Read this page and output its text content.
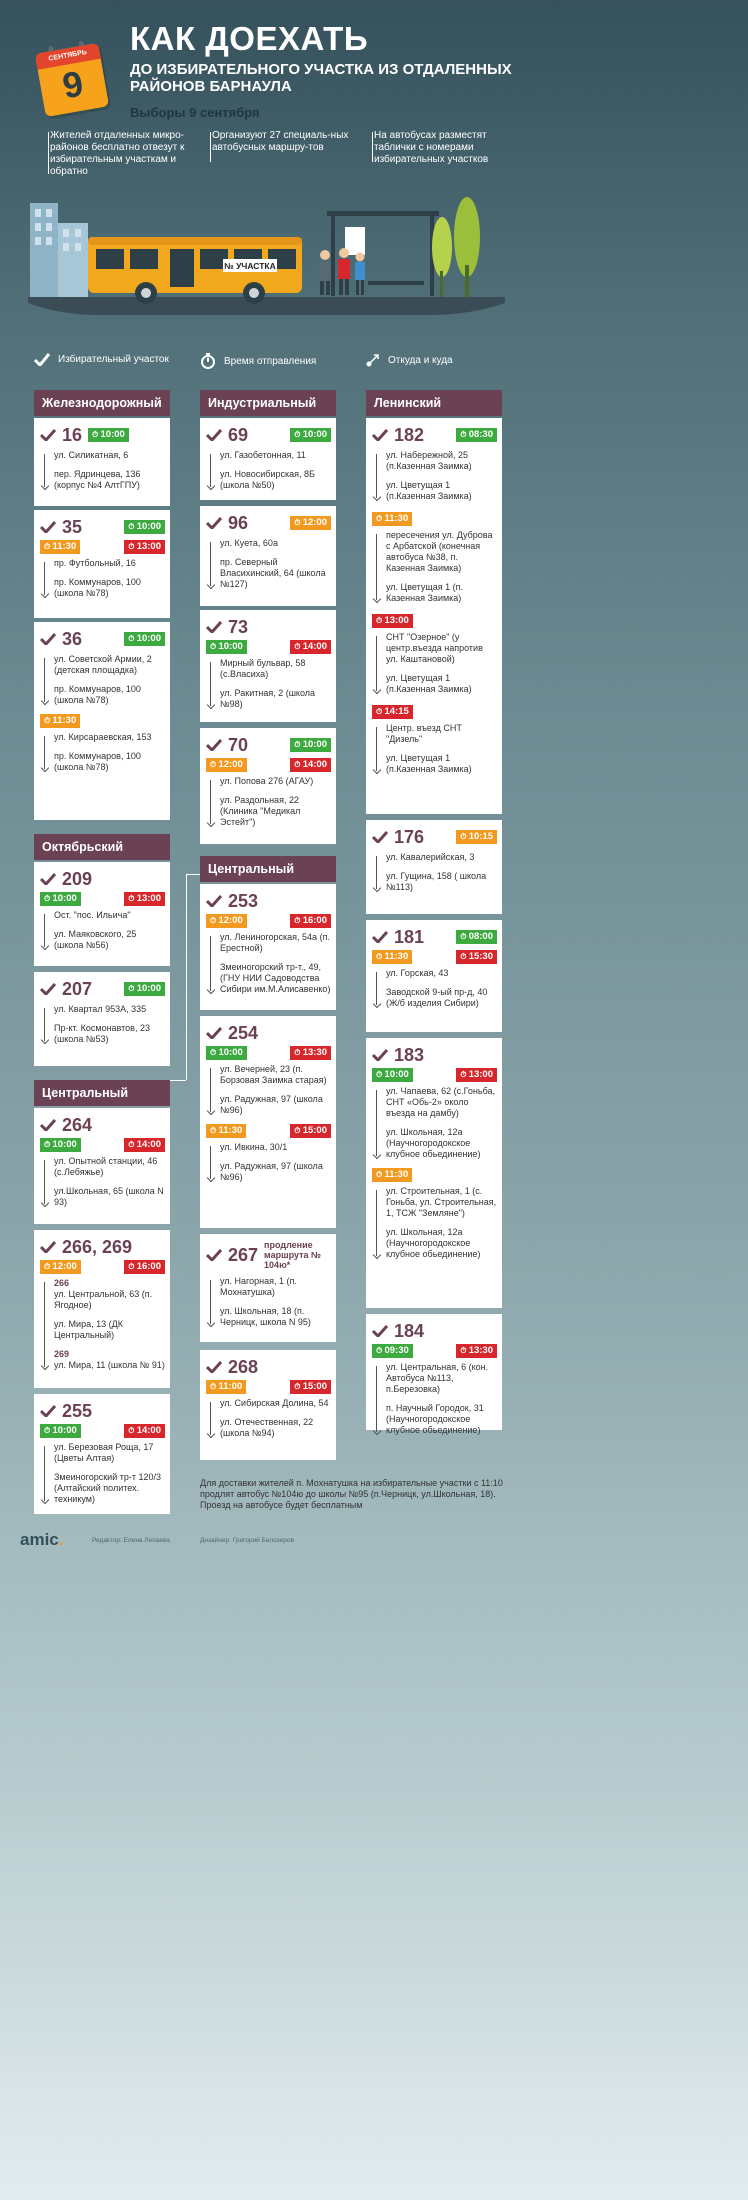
СЕНТЯБРЬ
9
КАК ДОЕХАТЬ
ДО ИЗБИРАТЕЛЬНОГО УЧАСТКА ИЗ ОТДАЛЕННЫХ РАЙОНОВ БАРНАУЛА
Выборы 9 сентября
Жителей отдаленных микро-районов бесплатно отвезут к избирательным участкам и обратно
Организуют 27 специаль-ных автобусных маршру-тов
На автобусах разместят таблички с номерами избирательных участков
№ УЧАСТКА
Избирательный участок	Время отправления	Откуда и куда
Железнодорожный
16	⏱ 10:00
ул. Силикатная, 6
пер. Ядринцева, 136 (корпус №4 АлтГПУ)
35	⏱ 10:00
⏱ 11:30	⏱ 13:00
пр. Футбольный, 16
пр. Коммунаров, 100 (школа №78)
36	⏱ 10:00
ул. Советской Армии, 2 (детская площадка)
пр. Коммунаров, 100 (школа №78)
⏱ 11:30
ул. Кирсараевская, 153
пр. Коммунаров, 100 (школа №78)
Октябрьский
209
⏱ 10:00	⏱ 13:00
Ост. "пос. Ильича"
ул. Маяковского, 25 (школа №56)
207	⏱ 10:00
ул. Квартал 953А, 335
Пр-кт. Космонавтов, 23 (школа №53)
Центральный
264
⏱ 10:00	⏱ 14:00
ул. Опытной станции, 46 (с.Лебяжье)
ул.Школьная, 65 (школа N 93)
266, 269
⏱ 12:00	⏱ 16:00
266
ул. Центральной, 63 (п. Ягодное)
ул. Мира, 13 (ДК Центральный)
269
ул. Мира, 11 (школа № 91)
255
⏱ 10:00	⏱ 14:00
ул. Березовая Роща, 17 (Цветы Алтая)
Змеиногорский тр-т 120/3 (Алтайский политех. техникум)
Индустриальный
69	⏱ 10:00
ул. Газобетонная, 11
ул. Новосибирская, 8Б (школа №50)
96	⏱ 12:00
ул. Куета, 60а
пр. Северный Власихинский, 64 (школа №127)
73
⏱ 10:00	⏱ 14:00
Мирный бульвар, 58 (с.Власиха)
ул. Ракитная, 2 (школа №98)
70	⏱ 10:00
⏱ 12:00	⏱ 14:00
ул. Попова 276 (АГАУ)
ул. Раздольная, 22 (Клиника "Медикал Эстейт")
Центральный
253
⏱ 12:00	⏱ 16:00
ул. Лениногорская, 54а (п. Ерестной)
Змеиногорский тр-т., 49, (ГНУ НИИ Садоводства Сибири им.М.Алисавенко)
254
⏱ 10:00	⏱ 13:30
ул. Вечерней, 23 (п. Борзовая Заимка старая)
ул. Радужная, 97 (школа №96)
⏱ 11:30	⏱ 15:00
ул. Ивкина, 30/1
ул. Радужная, 97 (школа №96)
267 продление маршрута № 104ю*
ул. Нагорная, 1 (п. Мохнатушка)
ул. Школьная, 18 (п. Черницк, школа N 95)
268
⏱ 11:00	⏱ 15:00
ул. Сибирская Долина, 54
ул. Отечественная, 22 (школа №94)
Ленинский
182	⏱ 08:30
ул. Набережной, 25 (п.Казенная Заимка)
ул. Цветущая 1 (п.Казенная Заимка)
⏱ 11:30
пересечения ул. Дуброва с Арбатской (конечная автобуса №38, п. Казенная Заимка)
ул. Цветущая 1 (п. Казенная Заимка)
⏱ 13:00
СНТ "Озерное" (у центр.въезда напротив ул. Каштановой)
ул. Цветущая 1 (п.Казенная Заимка)
⏱ 14:15
Центр. въезд СНТ "Дизель"
ул. Цветущая 1 (п.Казенная Заимка)
176	⏱ 10:15
ул. Кавалерийская, 3
ул. Гущина, 158 ( школа №113)
181	⏱ 08:00
⏱ 11:30	⏱ 15:30
ул. Горская, 43
Заводской 9-ый пр-д, 40 (Ж/б изделия Сибири)
183
⏱ 10:00	⏱ 13:00
ул. Чапаева, 62 (с.Гоньба, СНТ «Обь-2» около въезда на дамбу)
ул. Школьная, 12а (Научногородокское клубное обьединение)
⏱ 11:30
ул. Строительная, 1 (с. Гоньба, ул. Строительная, 1, ТСЖ "Земляне")
ул. Школьная, 12а (Научногородокское клубное обьединение)
184
⏱ 09:30	⏱ 13:30
ул. Центральная, 6 (кон. Автобуса №113, п.Березовка)
п. Научный Городок, 31 (Научногородокское клубное обьединение)
Для доставки жителей п. Мохнатушка на избирательные участки с 11:10 продлят автобус №104ю до школы №95 (п.Черницк, ул.Школьная, 18). Проезд на автобусе будет бесплатным
amic.	Редактор: Елена Лепаева	Дизайнер: Григорий Белозеров
